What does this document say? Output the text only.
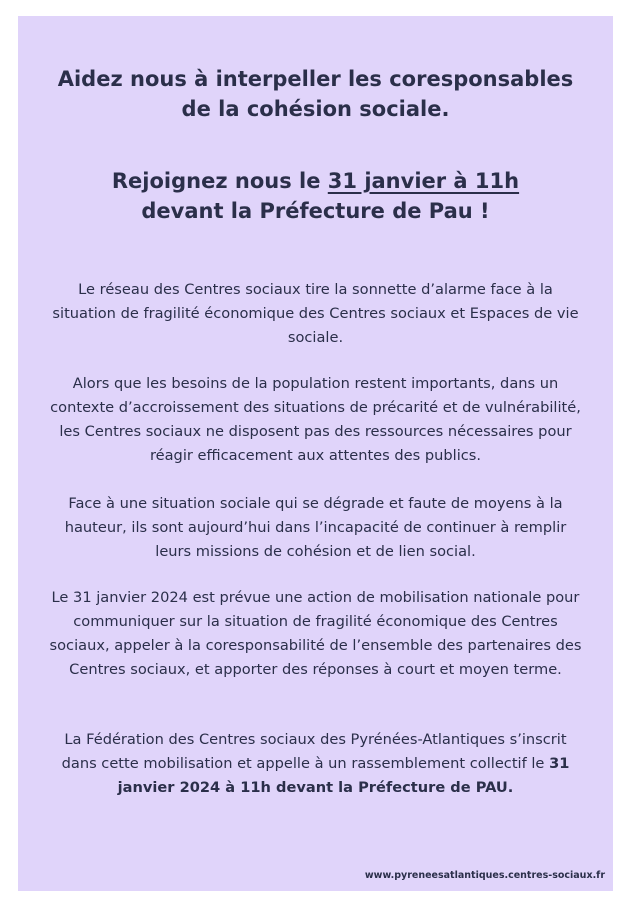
Aidez nous à interpeller les coresponsables
de la cohésion sociale.
Rejoignez nous le 31 janvier à 11h
devant la Préfecture de Pau !

Le réseau des Centres sociaux tire la sonnette d’alarme face à la situation de fragilité économique des Centres sociaux et Espaces de vie sociale.

Alors que les besoins de la population restent importants, dans un contexte d’accroissement des situations de précarité et de vulnérabilité, les Centres sociaux ne disposent pas des ressources nécessaires pour réagir efficacement aux attentes des publics.

Face à une situation sociale qui se dégrade et faute de moyens à la hauteur, ils sont aujourd’hui dans l’incapacité de continuer à remplir leurs missions de cohésion et de lien social.

Le 31 janvier 2024 est prévue une action de mobilisation nationale pour communiquer sur la situation de fragilité économique des Centres sociaux, appeler à la coresponsabilité de l’ensemble des partenaires des Centres sociaux, et apporter des réponses à court et moyen terme.

La Fédération des Centres sociaux des Pyrénées-Atlantiques s’inscrit dans cette mobilisation et appelle à un rassemblement collectif le 31 janvier 2024 à 11h devant la Préfecture de PAU.

www.pyreneesatlantiques.centres-sociaux.fr
